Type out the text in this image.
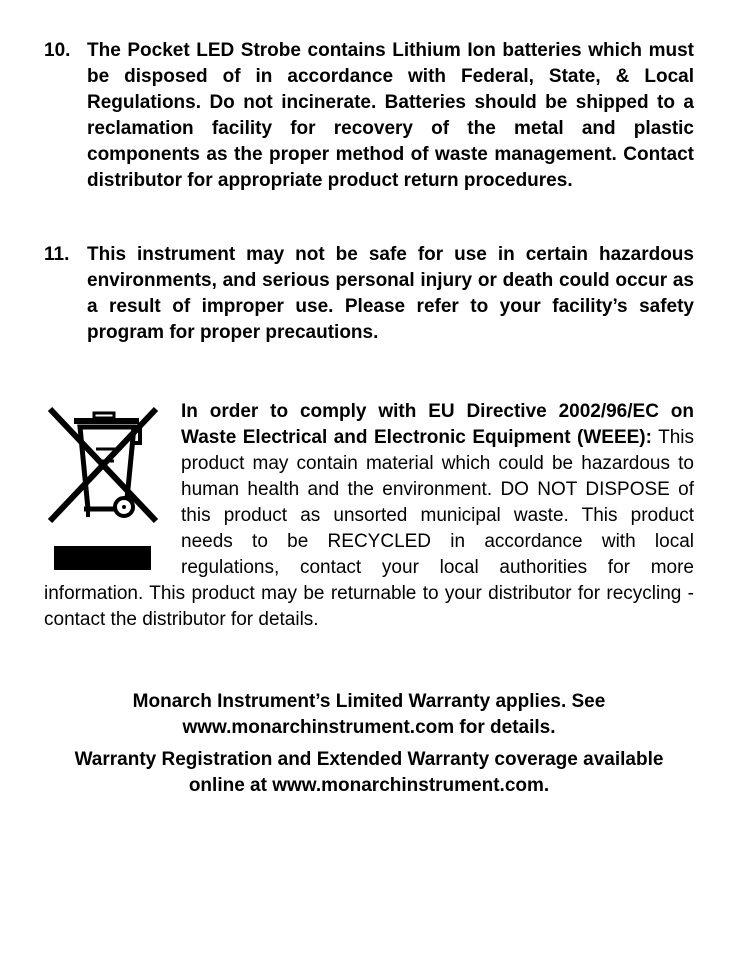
10. The Pocket LED Strobe contains Lithium Ion batteries which must be disposed of in accordance with Federal, State, & Local Regulations. Do not incinerate. Batteries should be shipped to a reclamation facility for recovery of the metal and plastic components as the proper method of waste management. Contact distributor for appropriate product return procedures.
11. This instrument may not be safe for use in certain hazardous environments, and serious personal injury or death could occur as a result of improper use. Please refer to your facility’s safety program for proper precautions.
In order to comply with EU Directive 2002/96/EC on Waste Electrical and Electronic Equipment (WEEE): This product may contain material which could be hazardous to human health and the environment. DO NOT DISPOSE of this product as unsorted municipal waste. This product needs to be RECYCLED in accordance with local regulations, contact your local authorities for more information. This product may be returnable to your distributor for recycling - contact the distributor for details.
Monarch Instrument’s Limited Warranty applies. See www.monarchinstrument.com for details.
Warranty Registration and Extended Warranty coverage available online at www.monarchinstrument.com.
